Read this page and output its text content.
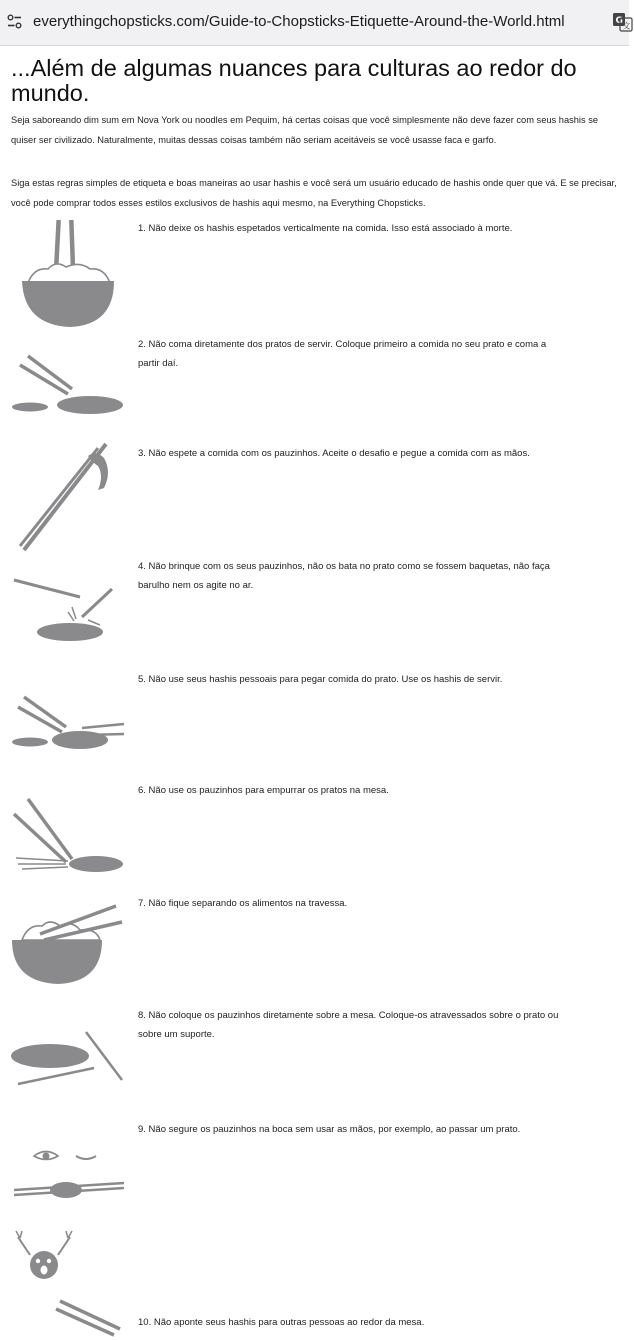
everythingchopsticks.com/Guide-to-Chopsticks-Etiquette-Around-the-World.html	G 文
...Além de algumas nuances para culturas ao redor do mundo.

Seja saboreando dim sum em Nova York ou noodles em Pequim, há certas coisas que você simplesmente não deve fazer com seus hashis se quiser ser civilizado. Naturalmente, muitas dessas coisas também não seriam aceitáveis se você usasse faca e garfo.

Siga estas regras simples de etiqueta e boas maneiras ao usar hashis e você será um usuário educado de hashis onde quer que vá. E se precisar, você pode comprar todos esses estilos exclusivos de hashis aqui mesmo, na Everything Chopsticks.

1. Não deixe os hashis espetados verticalmente na comida. Isso está associado à morte.
2. Não coma diretamente dos pratos de servir. Coloque primeiro a comida no seu prato e coma a partir daí.
3. Não espete a comida com os pauzinhos. Aceite o desafio e pegue a comida com as mãos.
4. Não brinque com os seus pauzinhos, não os bata no prato como se fossem baquetas, não faça barulho nem os agite no ar.
5. Não use seus hashis pessoais para pegar comida do prato. Use os hashis de servir.
6. Não use os pauzinhos para empurrar os pratos na mesa.
7. Não fique separando os alimentos na travessa.
8. Não coloque os pauzinhos diretamente sobre a mesa. Coloque-os atravessados sobre o prato ou sobre um suporte.
9. Não segure os pauzinhos na boca sem usar as mãos, por exemplo, ao passar um prato.
10. Não aponte seus hashis para outras pessoas ao redor da mesa.
